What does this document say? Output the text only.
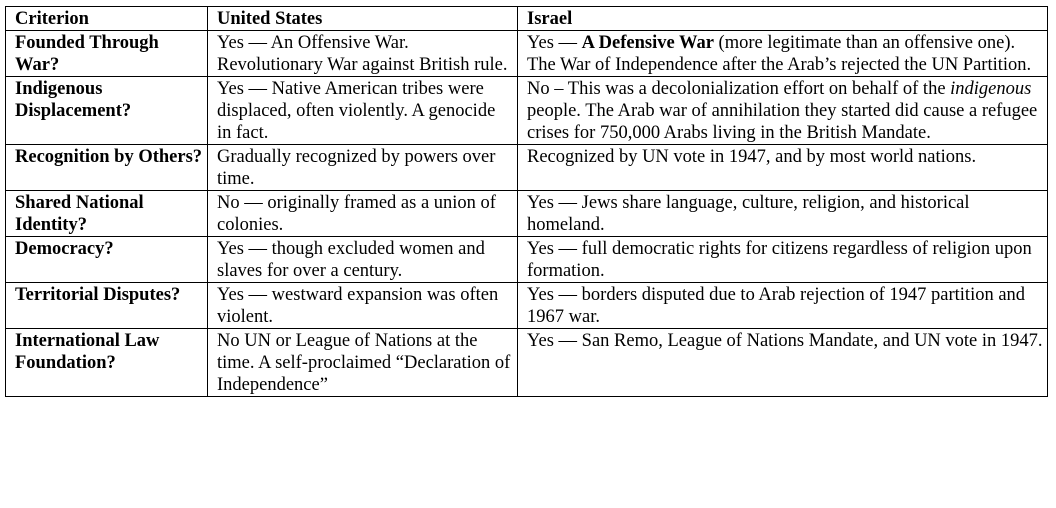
Criterion	United States	Israel
Founded Through War?	Yes — An Offensive War. Revolutionary War against British rule.	Yes — A Defensive War (more legitimate than an offensive one). The War of Independence after the Arab’s rejected the UN Partition.
Indigenous Displacement?	Yes — Native American tribes were displaced, often violently. A genocide in fact.	No – This was a decolonialization effort on behalf of the indigenous people. The Arab war of annihilation they started did cause a refugee crises for 750,000 Arabs living in the British Mandate.
Recognition by Others?	Gradually recognized by powers over time.	Recognized by UN vote in 1947, and by most world nations.
Shared National Identity?	No — originally framed as a union of colonies.	Yes — Jews share language, culture, religion, and historical homeland.
Democracy?	Yes — though excluded women and slaves for over a century.	Yes — full democratic rights for citizens regardless of religion upon formation.
Territorial Disputes?	Yes — westward expansion was often violent.	Yes — borders disputed due to Arab rejection of 1947 partition and 1967 war.
International Law Foundation?	No UN or League of Nations at the time. A self-proclaimed “Declaration of Independence”	Yes — San Remo, League of Nations Mandate, and UN vote in 1947.
